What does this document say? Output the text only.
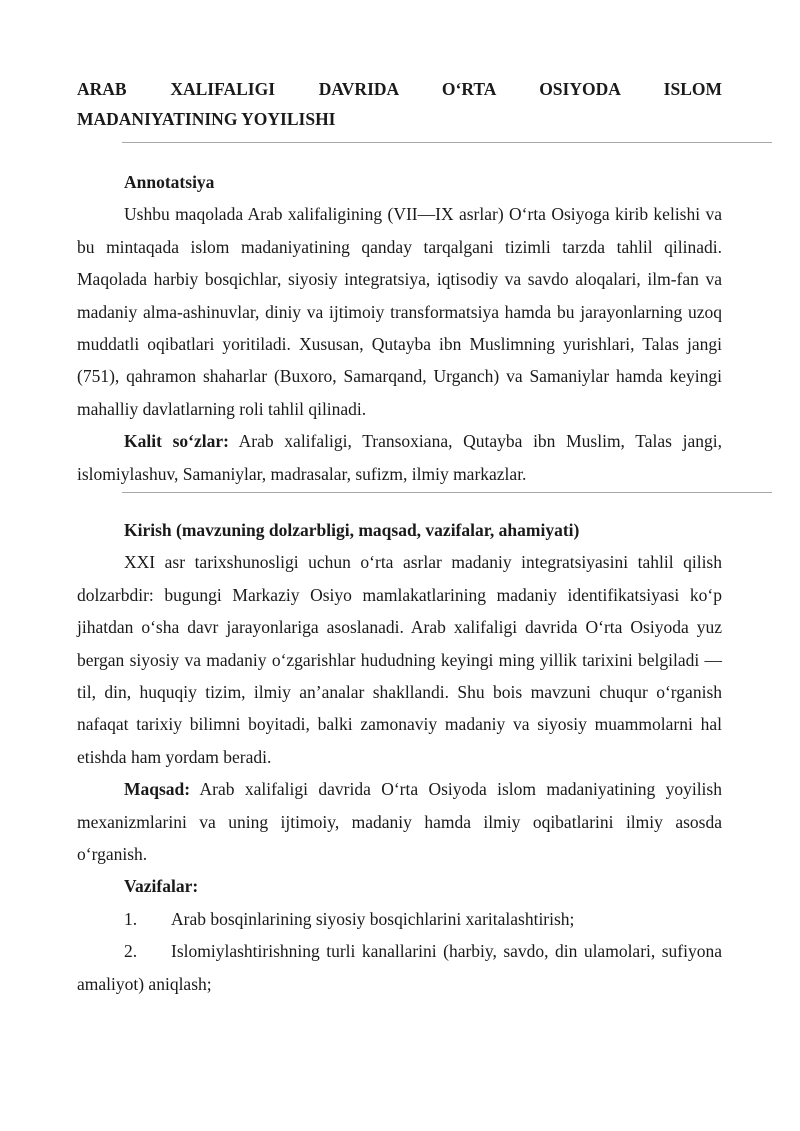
ARAB XALIFALIGI DAVRIDA O‘RTA OSIYODA ISLOM
MADANIYATINING YOYILISHI

Annotatsiya

Ushbu maqolada Arab xalifaligining (VII—IX asrlar) O‘rta Osiyoga kirib kelishi va bu mintaqada islom madaniyatining qanday tarqalgani tizimli tarzda tahlil qilinadi. Maqolada harbiy bosqichlar, siyosiy integratsiya, iqtisodiy va savdo aloqalari, ilm-fan va madaniy alma-ashinuvlar, diniy va ijtimoiy transformatsiya hamda bu jarayonlarning uzoq muddatli oqibatlari yoritiladi. Xususan, Qutayba ibn Muslimning yurishlari, Talas jangi (751), qahramon shaharlar (Buxoro, Samarqand, Urganch) va Samaniylar hamda keyingi mahalliy davlatlarning roli tahlil qilinadi.

Kalit so‘zlar: Arab xalifaligi, Transoxiana, Qutayba ibn Muslim, Talas jangi, islomiylashuv, Samaniylar, madrasalar, sufizm, ilmiy markazlar.

Kirish (mavzuning dolzarbligi, maqsad, vazifalar, ahamiyati)

XXI asr tarixshunosligi uchun o‘rta asrlar madaniy integratsiyasini tahlil qilish dolzarbdir: bugungi Markaziy Osiyo mamlakatlarining madaniy identifikatsiyasi ko‘p jihatdan o‘sha davr jarayonlariga asoslanadi. Arab xalifaligi davrida O‘rta Osiyoda yuz bergan siyosiy va madaniy o‘zgarishlar hududning keyingi ming yillik tarixini belgiladi — til, din, huquqiy tizim, ilmiy an’analar shakllandi. Shu bois mavzuni chuqur o‘rganish nafaqat tarixiy bilimni boyitadi, balki zamonaviy madaniy va siyosiy muammolarni hal etishda ham yordam beradi.

Maqsad: Arab xalifaligi davrida O‘rta Osiyoda islom madaniyatining yoyilish mexanizmlarini va uning ijtimoiy, madaniy hamda ilmiy oqibatlarini ilmiy asosda o‘rganish.

Vazifalar:

1. Arab bosqinlarining siyosiy bosqichlarini xaritalashtirish;

2. Islomiylashtirishning turli kanallarini (harbiy, savdo, din ulamolari, sufiyona amaliyot) aniqlash;
